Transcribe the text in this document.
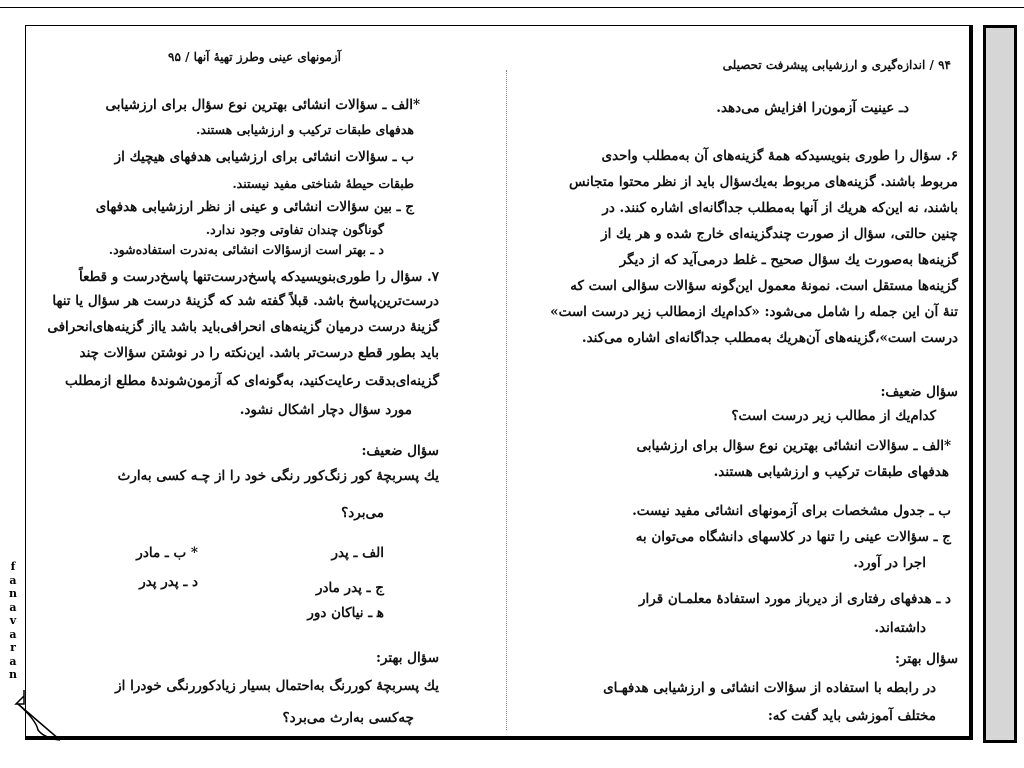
f
a
n
a
v
a
r
a
n
آزمونهای عینی وطرز تهیهٔ آنها / ۹۵
*الف ـ سؤالات انشائی بهترین نوع سؤال برای ارزشیابی
هدفهای طبقات ترکیب و ارزشیابی هستند.
ب ـ سؤالات انشائی برای ارزشیابی هدفهای هیچیك از
طبقات حیطهٔ شناختی مفید نیستند.
ج ـ بین سؤالات انشائی و عینی از نظر ارزشیابی هدفهای
گوناگون چندان تفاوتی وجود ندارد.
د ـ بهتر است ازسؤالات انشائی به‌ندرت استفاده‌شود.
۷. سؤال را طوری‌بنویسیدکه پاسخ‌درست‌تنها پاسخ‌درست و قطعاً
درست‌ترین‌پاسخ باشد. قبلاً گفته شد که گزینهٔ درست هر سؤال یا تنها
گزینهٔ درست درمیان گزینه‌های انحرافی‌باید باشد یااز گزینه‌های‌انحرافی
باید بطور قطع درست‌تر باشد. این‌نکته را در نوشتن سؤالات چند
گزینه‌ای‌بدقت رعایت‌کنید، به‌گونه‌ای که آزمون‌شوندهٔ مطلع ازمطلب
مورد سؤال دچار اشکال نشود.
سؤال ضعیف:
یك پسربچهٔ کور زنگ‌کور رنگی خود را از چـه کسی به‌ارث
می‌برد؟
الف ـ پدر
* ب ـ مادر
ج ـ پدر مادر
د ـ پدر پدر
ﻫ ـ نیاکان دور
سؤال بهتر:
یك پسربچهٔ کوررنگ به‌احتمال بسیار زیاد‌کوررنگی خودرا از
چه‌کسی به‌ارث می‌برد؟
۹۴ / اندازه‌گیری و ارزشیابی پیشرفت تحصیلی
دـ عینیت آزمون‌را افزایش می‌دهد.
۶. سؤال را طوری بنویسیدکه همهٔ گزینه‌های آن به‌مطلب واحدی
مربوط باشند. گزینه‌های مربوط به‌یك‌سؤال باید از نظر محتوا متجانس
باشند، نه این‌که هریك از آنها به‌مطلب جداگانه‌ای اشاره کنند. در
چنین حالتی، سؤال از صورت چندگزینه‌ای خارج شده و هر یك از
گزینه‌ها به‌صورت یك سؤال صحیح ـ غلط درمی‌آید که از دیگر
گزینه‌ها مستقل است. نمونهٔ معمول این‌گونه سؤالات سؤالی است که
تنهٔ آن این جمله را شامل می‌شود: «کدام‌یك ازمطالب زیر درست است»
درست است»،گزینه‌های آن‌هریك به‌مطلب جداگانه‌ای اشاره می‌کند.
سؤال ضعیف:
کدام‌یك از مطالب زیر درست است؟
*الف ـ سؤالات انشائی بهترین نوع سؤال برای ارزشیابی
هدفهای طبقات ترکیب و ارزشیابی هستند.
ب ـ جدول مشخصات برای آزمونهای انشائی مفید نیست.
ج ـ سؤالات عینی را تنها در کلاسهای دانشگاه می‌توان به
اجرا در آورد.
د ـ هدفهای رفتاری از دیرباز مورد استفادهٔ معلمـان قرار
داشته‌اند.
سؤال بهتر:
در رابطه با استفاده از سؤالات انشائی و ارزشیابی هدفهـای
مختلف آموزشی باید گفت که:
